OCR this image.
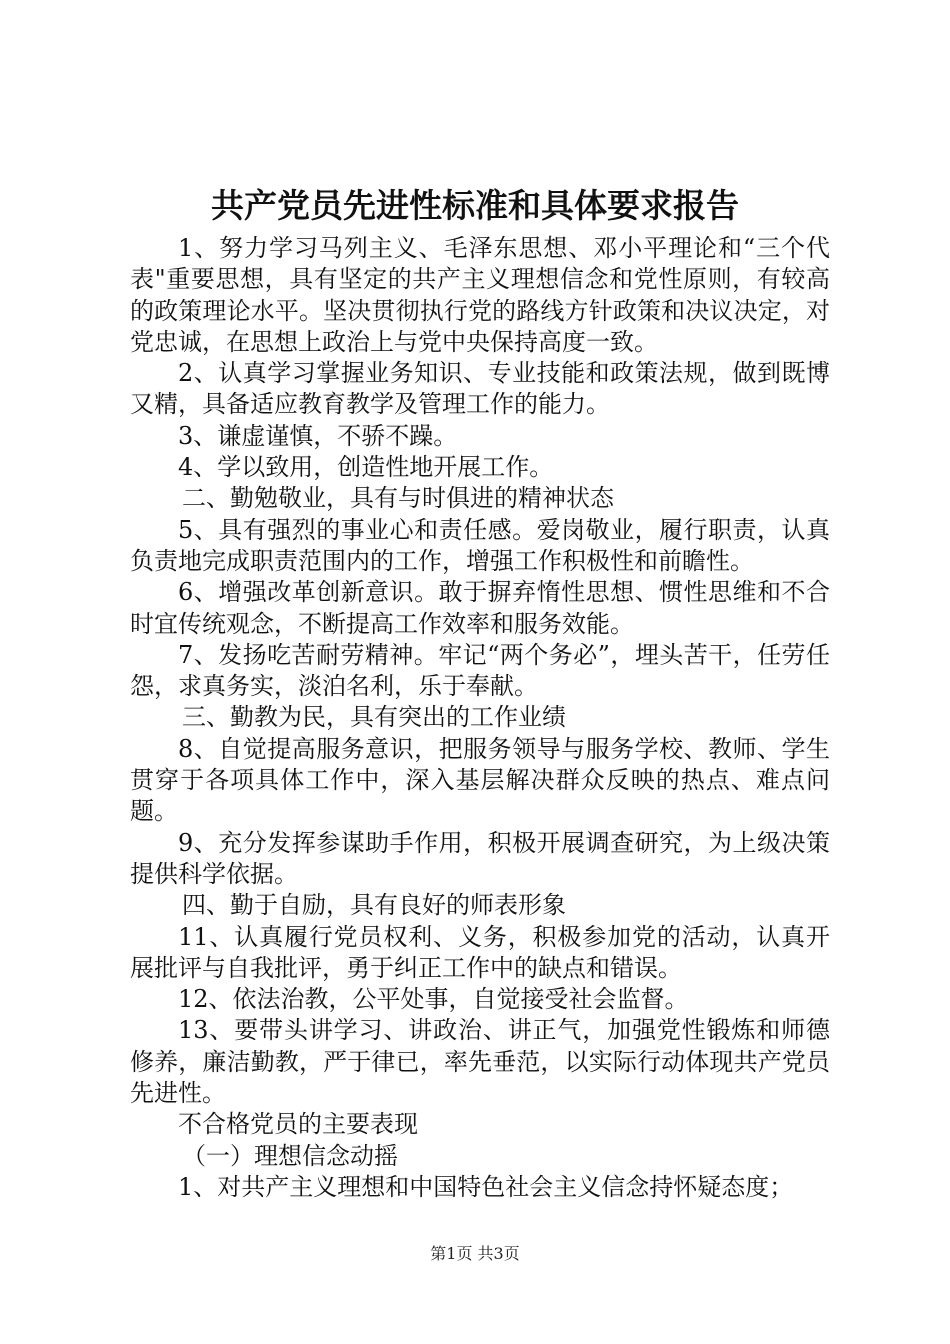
共产党员先进性标准和具体要求报告

1、努力学习马列主义、毛泽东思想、邓小平理论和“三个代表"重要思想，具有坚定的共产主义理想信念和党性原则，有较高的政策理论水平。坚决贯彻执行党的路线方针政策和决议决定，对党忠诚，在思想上政治上与党中央保持高度一致。

2、认真学习掌握业务知识、专业技能和政策法规，做到既博又精，具备适应教育教学及管理工作的能力。

3、谦虚谨慎，不骄不躁。

4、学以致用，创造性地开展工作。

二、勤勉敬业，具有与时俱进的精神状态

5、具有强烈的事业心和责任感。爱岗敬业，履行职责，认真负责地完成职责范围内的工作，增强工作积极性和前瞻性。

6、增强改革创新意识。敢于摒弃惰性思想、惯性思维和不合时宜传统观念，不断提高工作效率和服务效能。

7、发扬吃苦耐劳精神。牢记“两个务必”，埋头苦干，任劳任怨，求真务实，淡泊名利，乐于奉献。

三、勤教为民，具有突出的工作业绩

8、自觉提高服务意识，把服务领导与服务学校、教师、学生贯穿于各项具体工作中，深入基层解决群众反映的热点、难点问题。

9、充分发挥参谋助手作用，积极开展调查研究，为上级决策提供科学依据。

四、勤于自励，具有良好的师表形象

11、认真履行党员权利、义务，积极参加党的活动，认真开展批评与自我批评，勇于纠正工作中的缺点和错误。

12、依法治教，公平处事，自觉接受社会监督。

13、要带头讲学习、讲政治、讲正气，加强党性锻炼和师德修养，廉洁勤教，严于律已，率先垂范，以实际行动体现共产党员先进性。

不合格党员的主要表现

（一）理想信念动摇

1、对共产主义理想和中国特色社会主义信念持怀疑态度；

第1页 共3页
